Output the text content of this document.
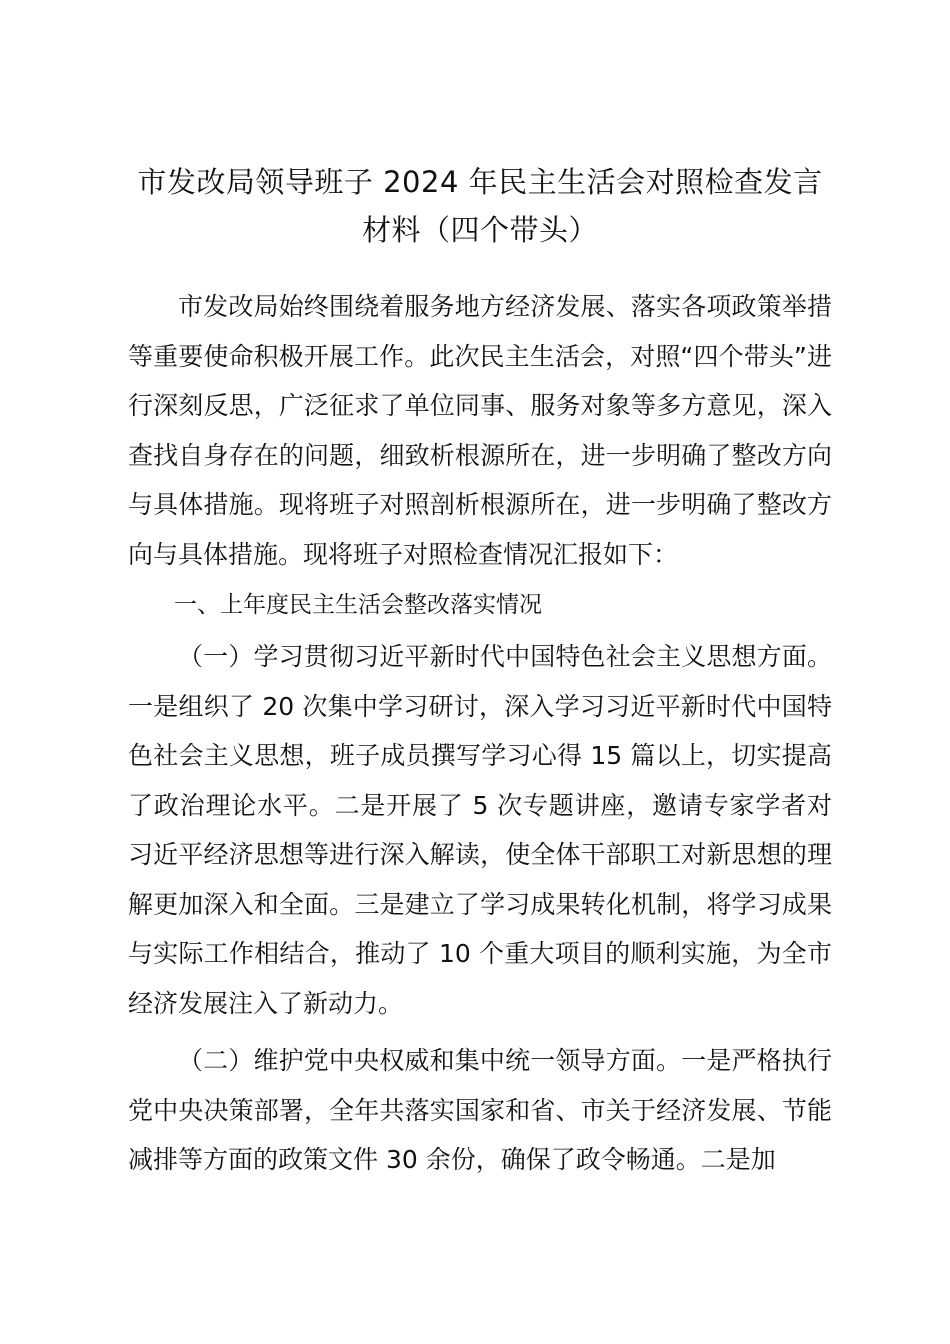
市发改局领导班子 2024 年民主生活会对照检查发言材料（四个带头）

市发改局始终围绕着服务地方经济发展、落实各项政策举措等重要使命积极开展工作。此次民主生活会，对照“四个带头”进行深刻反思，广泛征求了单位同事、服务对象等多方意见，深入查找自身存在的问题，细致析根源所在，进一步明确了整改方向与具体措施。现将班子对照剖析根源所在，进一步明确了整改方向与具体措施。现将班子对照检查情况汇报如下：

一、上年度民主生活会整改落实情况

（一）学习贯彻习近平新时代中国特色社会主义思想方面。一是组织了 20 次集中学习研讨，深入学习习近平新时代中国特色社会主义思想，班子成员撰写学习心得 15 篇以上，切实提高了政治理论水平。二是开展了 5 次专题讲座，邀请专家学者对习近平经济思想等进行深入解读，使全体干部职工对新思想的理解更加深入和全面。三是建立了学习成果转化机制，将学习成果与实际工作相结合，推动了 10 个重大项目的顺利实施，为全市经济发展注入了新动力。

（二）维护党中央权威和集中统一领导方面。一是严格执行党中央决策部署，全年共落实国家和省、市关于经济发展、节能减排等方面的政策文件 30 余份，确保了政令畅通。二是加
